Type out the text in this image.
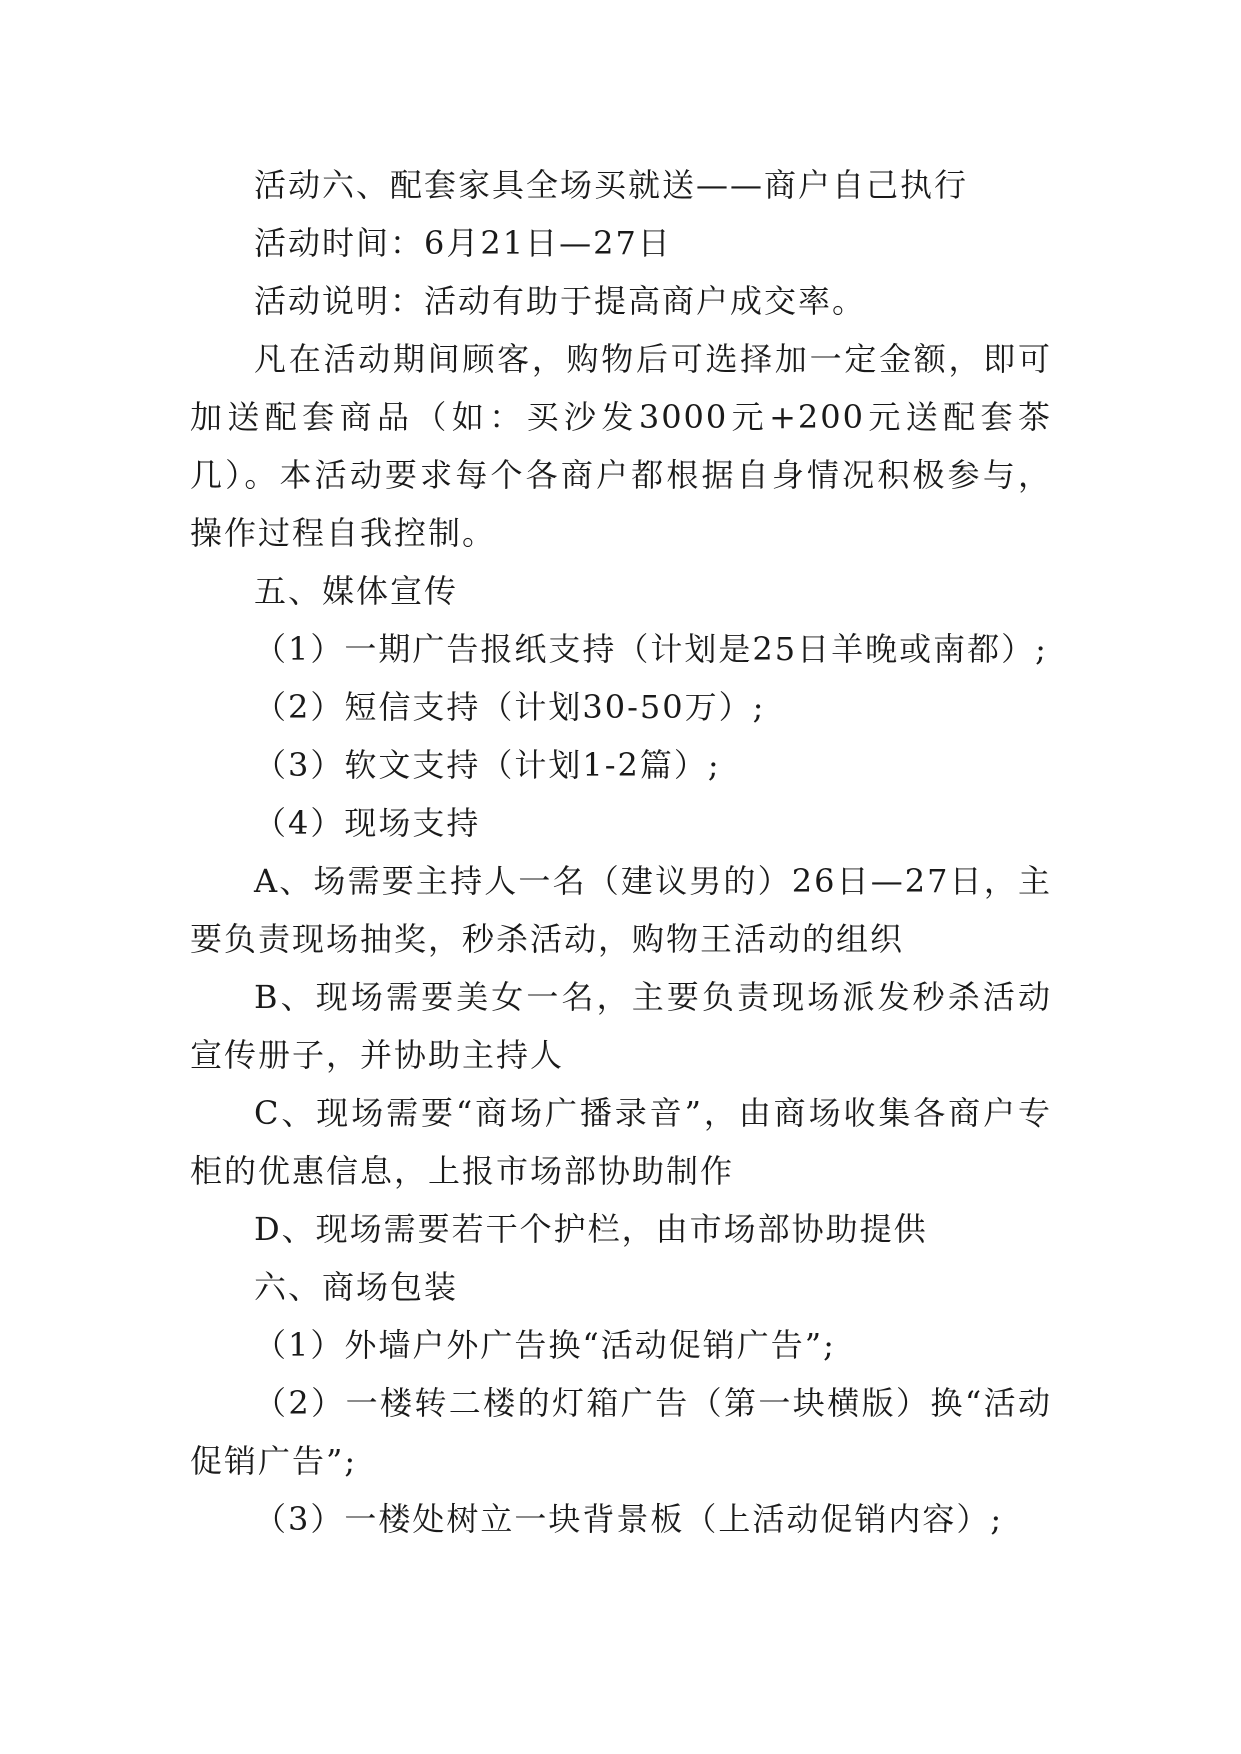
活动六、配套家具全场买就送——商户自己执行

活动时间：6月21日—27日

活动说明：活动有助于提高商户成交率。

凡在活动期间顾客，购物后可选择加一定金额，即可加送配套商品（如：买沙发3000元+200元送配套茶几）。本活动要求每个各商户都根据自身情况积极参与，操作过程自我控制。

五、媒体宣传

（1）一期广告报纸支持（计划是25日羊晚或南都）;

（2）短信支持（计划30-50万）;

（3）软文支持（计划1-2篇）;

（4）现场支持

A、场需要主持人一名（建议男的）26日—27日，主要负责现场抽奖，秒杀活动，购物王活动的组织

B、现场需要美女一名，主要负责现场派发秒杀活动宣传册子，并协助主持人

C、现场需要“商场广播录音”，由商场收集各商户专柜的优惠信息，上报市场部协助制作

D、现场需要若干个护栏，由市场部协助提供

六、商场包装

（1）外墙户外广告换“活动促销广告”;

（2）一楼转二楼的灯箱广告（第一块横版）换“活动促销广告”;

（3）一楼处树立一块背景板（上活动促销内容）;
